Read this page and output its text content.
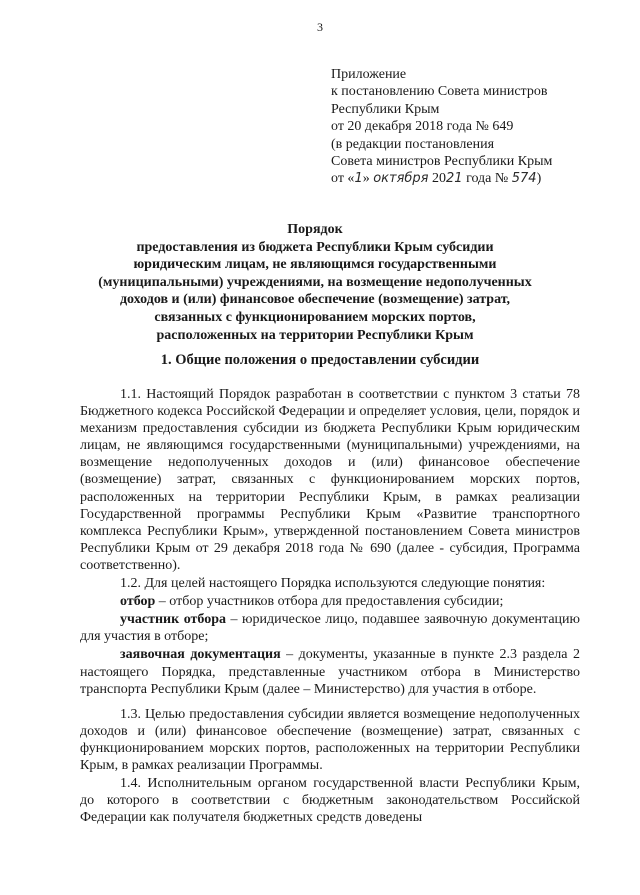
3
Приложение
к постановлению Совета министров
Республики Крым
от 20 декабря 2018 года № 649
(в редакции постановления
Совета министров Республики Крым
от «1» октября 2021 года № 574)
Порядок
предоставления из бюджета Республики Крым субсидии
юридическим лицам, не являющимся государственными
(муниципальными) учреждениями, на возмещение недополученных
доходов и (или) финансовое обеспечение (возмещение) затрат,
связанных с функционированием морских портов,
расположенных на территории Республики Крым
1. Общие положения о предоставлении субсидии

1.1. Настоящий Порядок разработан в соответствии с пунктом 3 статьи 78 Бюджетного кодекса Российской Федерации и определяет условия, цели, порядок и механизм предоставления субсидии из бюджета Республики Крым юридическим лицам, не являющимся государственными (муниципальными) учреждениями, на возмещение недополученных доходов и (или) финансовое обеспечение (возмещение) затрат, связанных с функционированием морских портов, расположенных на территории Республики Крым, в рамках реализации Государственной программы Республики Крым «Развитие транспортного комплекса Республики Крым», утвержденной постановлением Совета министров Республики Крым от 29 декабря 2018 года № 690 (далее - субсидия, Программа соответственно).

1.2. Для целей настоящего Порядка используются следующие понятия:

отбор – отбор участников отбора для предоставления субсидии;

участник отбора – юридическое лицо, подавшее заявочную документацию для участия в отборе;

заявочная документация – документы, указанные в пункте 2.3 раздела 2 настоящего Порядка, представленные участником отбора в Министерство транспорта Республики Крым (далее – Министерство) для участия в отборе.

1.3. Целью предоставления субсидии является возмещение недополученных доходов и (или) финансовое обеспечение (возмещение) затрат, связанных с функционированием морских портов, расположенных на территории Республики Крым, в рамках реализации Программы.

1.4. Исполнительным органом государственной власти Республики Крым, до которого в соответствии с бюджетным законодательством Российской Федерации как получателя бюджетных средств доведены
